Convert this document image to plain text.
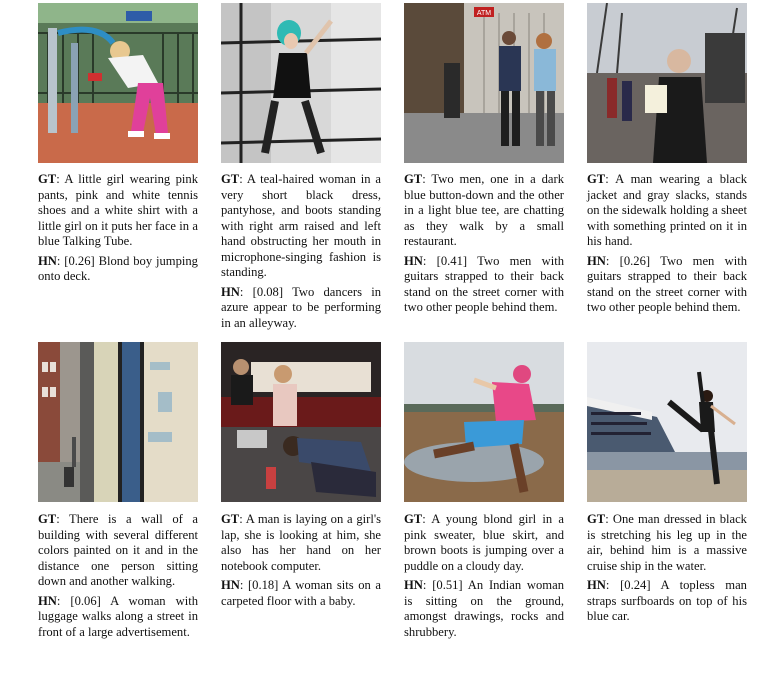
GT: A little girl wearing pink pants, pink and white tennis shoes and a white shirt with a little girl on it puts her face in a blue Talking Tube.

HN: [0.26] Blond boy jumping onto deck.

GT: A teal-haired woman in a very short black dress, pantyhose, and boots standing with right arm raised and left hand obstructing her mouth in microphone-singing fashion is standing.

HN: [0.08] Two dancers in azure appear to be performing in an alleyway.

ATM

GT: Two men, one in a dark blue button-down and the other in a light blue tee, are chatting as they walk by a small restaurant.

HN: [0.41] Two men with guitars strapped to their back stand on the street corner with two other people behind them.

GT: A man wearing a black jacket and gray slacks, stands on the sidewalk holding a sheet with something printed on it in his hand.

HN: [0.26] Two men with guitars strapped to their back stand on the street corner with two other people behind them.

GT: There is a wall of a building with several different colors painted on it and in the distance one person sitting down and another walking.

HN: [0.06] A woman with luggage walks along a street in front of a large advertisement.

GT: A man is laying on a girl's lap, she is looking at him, she also has her hand on her notebook computer.

HN: [0.18] A woman sits on a carpeted floor with a baby.

GT: A young blond girl in a pink sweater, blue skirt, and brown boots is jumping over a puddle on a cloudy day.

HN: [0.51] An Indian woman is sitting on the ground, amongst drawings, rocks and shrubbery.

GT: One man dressed in black is stretching his leg up in the air, behind him is a massive cruise ship in the water.

HN: [0.24] A topless man straps surfboards on top of his blue car.
